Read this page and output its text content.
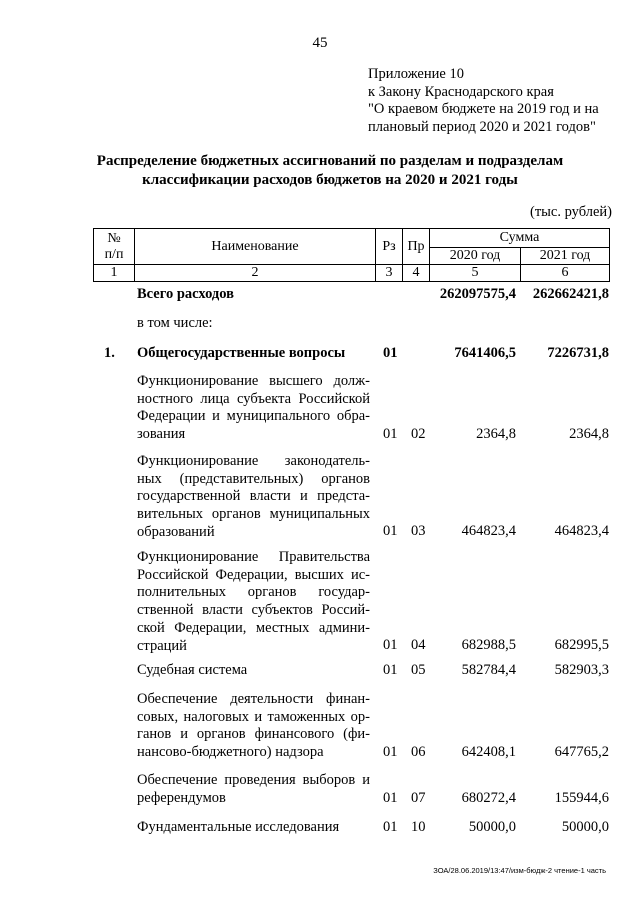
45
Приложение 10
к Закону Краснодарского края
"О краевом бюджете на 2019 год и на
плановый период 2020 и 2021 годов"
Распределение бюджетных ассигнований по разделам и подразделам
классификации расходов бюджетов на 2020 и 2021 годы
(тыс. рублей)
№
п/п	Наименование	Рз	Пр	Сумма	
				2020 год	2021 год
1	2	3	4	5	6
Всего расходов	262097575,4 262662421,8
в том числе:
1. Общегосударственные вопросы	01	7641406,5 7226731,8
Функционирование высшего долж-
ностного лица субъекта Российской
Федерации и муниципального обра-
зования	01 02	2364,8	2364,8
Функционирование законодатель-
ных (представительных) органов
государственной власти и предста-
вительных органов муниципальных
образований	01 03 464823,4	464823,4
Функционирование Правительства
Российской Федерации, высших ис-
полнительных органов государ-
ственной власти субъектов Россий-
ской Федерации, местных админи-
страций	01 04 682988,5	682995,5
Судебная система	01 05 582784,4	582903,3
Обеспечение деятельности финан-
совых, налоговых и таможенных ор-
ганов и органов финансового (фи-
нансово-бюджетного) надзора	01 06 642408,1	647765,2
Обеспечение проведения выборов и
референдумов	01 07 680272,4	155944,6
Фундаментальные исследования	01 10	50000,0	50000,0
ЗОА/28.06.2019/13:47/изм-бюдж-2 чтение-1 часть
